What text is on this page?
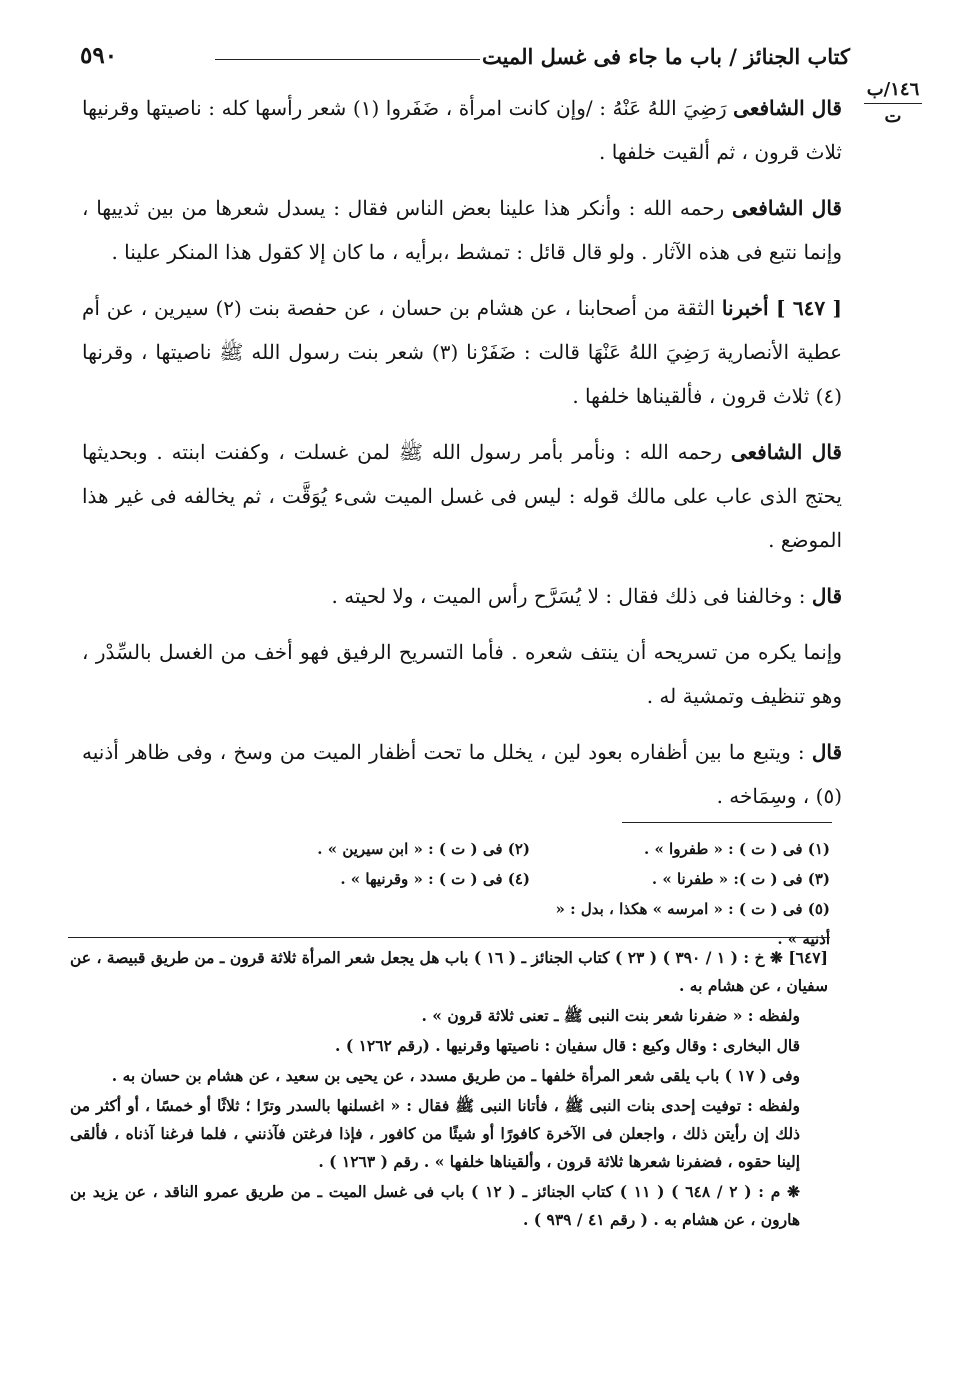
كتاب الجنائز / باب ما جاء فى غسل الميت
٥٩٠
١٤٦/ب
ت

قال الشافعى رَضِيَ اللهُ عَنْهُ : /وإن كانت امرأة ، ضَفَروا (١) شعر رأسها كله : ناصيتها وقرنيها ثلاث قرون ، ثم ألقيت خلفها .

قال الشافعى رحمه الله : وأنكر هذا علينا بعض الناس فقال : يسدل شعرها من بين ثدييها ، وإنما نتبع فى هذه الآثار . ولو قال قائل : تمشط ،برأيه ، ما كان إلا كقول هذا المنكر علينا .

[ ٦٤٧ ] أخبرنا الثقة من أصحابنا ، عن هشام بن حسان ، عن حفصة بنت (٢) سيرين ، عن أم عطية الأنصارية رَضِيَ اللهُ عَنْهَا قالت : ضَفَرْنا (٣) شعر بنت رسول الله ﷺ ناصيتها ، وقرنها (٤) ثلاث قرون ، فألقيناها خلفها .

قال الشافعى رحمه الله : ونأمر بأمر رسول الله ﷺ لمن غسلت ، وكفنت ابنته . وبحديثها يحتج الذى عاب على مالك قوله : ليس فى غسل الميت شىء يُوَقَّت ، ثم يخالفه فى غير هذا الموضع .

قال : وخالفنا فى ذلك فقال : لا يُسَرَّح رأس الميت ، ولا لحيته .

وإنما يكره من تسريحه أن ينتف شعره . فأما التسريح الرفيق فهو أخف من الغسل بالسِّدْر ، وهو تنظيف وتمشية له .

قال : ويتبع ما بين أظفاره بعود لين ، يخلل ما تحت أظفار الميت من وسخ ، وفى ظاهر أذنيه (٥) ، وسِمَاخه .

(١) فى ( ت ) : « طفروا » .
(٢) فى ( ت ) : « ابن سيرين » .
(٣) فى ( ت ): « طفرنا » .
(٤) فى ( ت ) : « وقرنيها » .
(٥) فى ( ت ) : « امرسه » هكذا ، بدل : « أذنيه » .

[٦٤٧] ❋ خ : ( ١ / ٣٩٠ ) ( ٢٣ ) كتاب الجنائز ـ ( ١٦ ) باب هل يجعل شعر المرأة ثلاثة قرون ـ من طريق قبيصة ، عن سفيان ، عن هشام به .

ولفظه : « ضفرنا شعر بنت النبى ﷺ ـ تعنى ثلاثة قرون » .

قال البخارى : وقال وكيع : قال سفيان : ناصيتها وقرنيها . (رقم ١٢٦٢ ) .

وفى ( ١٧ ) باب يلقى شعر المرأة خلفها ـ من طريق مسدد ، عن يحيى بن سعيد ، عن هشام بن حسان به .

ولفظه : توفيت إحدى بنات النبى ﷺ ، فأتانا النبى ﷺ فقال : « اغسلنها بالسدر وترًا ؛ ثلاثًا أو خمسًا ، أو أكثر من ذلك إن رأيتن ذلك ، واجعلن فى الآخرة كافورًا أو شيئًا من كافور ، فإذا فرغتن فآذنني ، فلما فرغنا آذناه ، فألقى إلينا حقوه ، فضفرنا شعرها ثلاثة قرون ، وألقيناها خلفها » . رقم ( ١٢٦٣ ) .

❋ م : ( ٢ / ٦٤٨ ) ( ١١ ) كتاب الجنائز ـ ( ١٢ ) باب فى غسل الميت ـ من طريق عمرو الناقد ، عن يزيد بن هارون ، عن هشام به . ( رقم ٤١ / ٩٣٩ ) .
